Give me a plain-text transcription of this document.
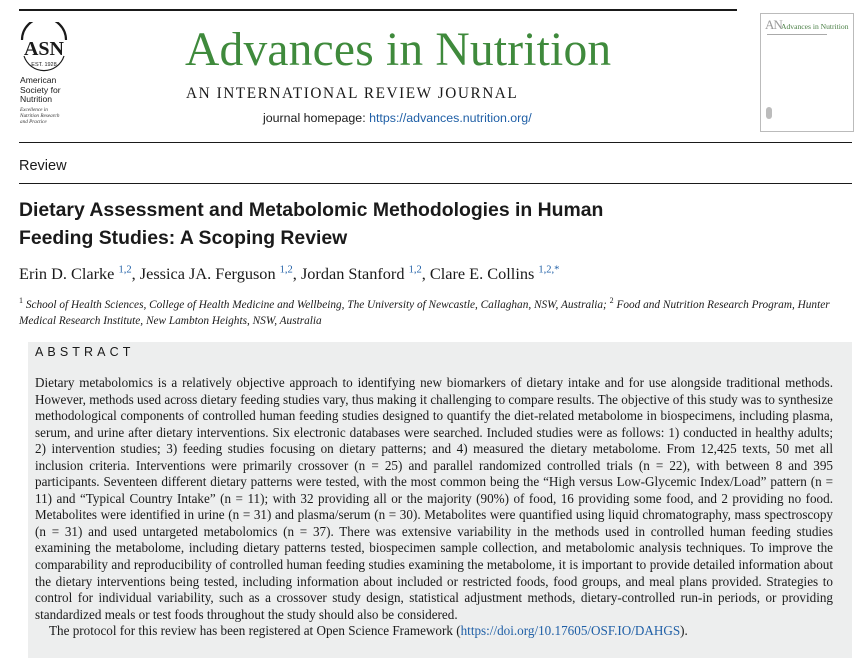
ASN
EST. 1928
American
Society for
Nutrition
Excellence in
Nutrition Research
and Practice
Advances in Nutrition
AN INTERNATIONAL REVIEW JOURNAL
journal homepage: https://advances.nutrition.org/
AN Advances in Nutrition
Review
Dietary Assessment and Metabolomic Methodologies in Human
Feeding Studies: A Scoping Review
Erin D. Clarke $^{1,2}$, Jessica JA. Ferguson $^{1,2}$, Jordan Stanford $^{1,2}$, Clare E. Collins $^{1,2,*}$
$^1$ School of Health Sciences, College of Health Medicine and Wellbeing, The University of Newcastle, Callaghan, NSW, Australia; $^2$ Food and Nutrition Research Program, Hunter Medical Research Institute, New Lambton Heights, NSW, Australia
ABSTRACT

Dietary metabolomics is a relatively objective approach to identifying new biomarkers of dietary intake and for use alongside traditional methods. However, methods used across dietary feeding studies vary, thus making it challenging to compare results. The objective of this study was to synthesize methodological components of controlled human feeding studies designed to quantify the diet-related metabolome in biospecimens, including plasma, serum, and urine after dietary interventions. Six electronic databases were searched. Included studies were as follows: 1) conducted in healthy adults; 2) intervention studies; 3) feeding studies focusing on dietary patterns; and 4) measured the dietary metabolome. From 12,425 texts, 50 met all inclusion criteria. Interventions were primarily crossover (n = 25) and parallel randomized controlled trials (n = 22), with between 8 and 395 participants. Seventeen different dietary patterns were tested, with the most common being the “High versus Low-Glycemic Index/Load” pattern (n = 11) and “Typical Country Intake” (n = 11); with 32 providing all or the majority (90%) of food, 16 providing some food, and 2 providing no food. Metabolites were identified in urine (n = 31) and plasma/serum (n = 30). Metabolites were quantified using liquid chromatography, mass spectroscopy (n = 31) and used untargeted metabolomics (n = 37). There was extensive variability in the methods used in controlled human feeding studies examining the metabolome, including dietary patterns tested, biospecimen sample collection, and metabolomic analysis techniques. To improve the comparability and reproducibility of controlled human feeding studies examining the metabolome, it is important to provide detailed information about the dietary interventions being tested, including information about included or restricted foods, food groups, and meal plans provided. Strategies to control for individual variability, such as a crossover study design, statistical adjustment methods, dietary-controlled run-in periods, or providing standardized meals or test foods throughout the study should also be considered.

The protocol for this review has been registered at Open Science Framework (https://doi.org/10.17605/OSF.IO/DAHGS).
